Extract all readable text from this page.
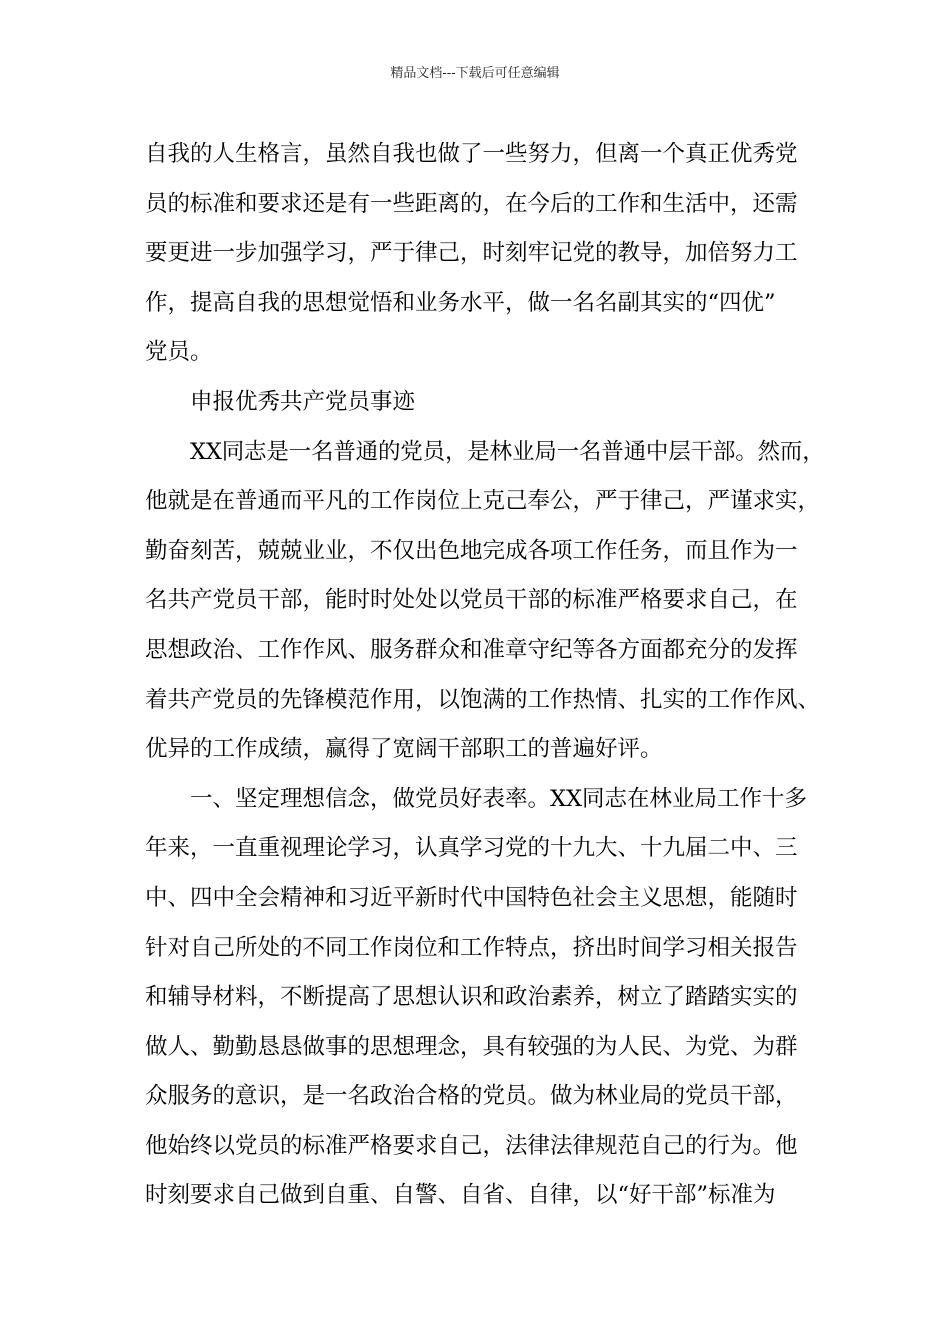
精品文档---下载后可任意编辑
自我的人生格言，虽然自我也做了一些努力，但离一个真正优秀党
员的标准和要求还是有一些距离的，在今后的工作和生活中，还需
要更进一步加强学习，严于律己，时刻牢记党的教导，加倍努力工
作，提高自我的思想觉悟和业务水平，做一名名副其实的“四优”
党员。
申报优秀共产党员事迹
XX同志是一名普通的党员，是林业局一名普通中层干部。然而，
他就是在普通而平凡的工作岗位上克己奉公，严于律己，严谨求实，
勤奋刻苦，兢兢业业，不仅出色地完成各项工作任务，而且作为一
名共产党员干部，能时时处处以党员干部的标准严格要求自己，在
思想政治、工作作风、服务群众和准章守纪等各方面都充分的发挥
着共产党员的先锋模范作用，以饱满的工作热情、扎实的工作作风、
优异的工作成绩，赢得了宽阔干部职工的普遍好评。
一、坚定理想信念，做党员好表率。XX同志在林业局工作十多
年来，一直重视理论学习，认真学习党的十九大、十九届二中、三
中、四中全会精神和习近平新时代中国特色社会主义思想，能随时
针对自己所处的不同工作岗位和工作特点，挤出时间学习相关报告
和辅导材料，不断提高了思想认识和政治素养，树立了踏踏实实的
做人、勤勤恳恳做事的思想理念，具有较强的为人民、为党、为群
众服务的意识，是一名政治合格的党员。做为林业局的党员干部，
他始终以党员的标准严格要求自己，法律法律规范自己的行为。他
时刻要求自己做到自重、自警、自省、自律，以“好干部”标准为
